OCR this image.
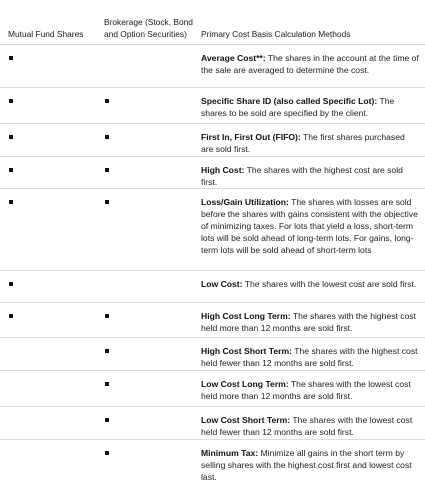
Mutual Fund Shares
Brokerage (Stock, Bond and Option Securities)	Primary Cost Basis Calculation Methods
Average Cost**: The shares in the account at the time of the sale are averaged to determine the cost.
Specific Share ID (also called Specific Lot): The shares to be sold are specified by the client.
First In, First Out (FIFO): The first shares purchased are sold first.
High Cost: The shares with the highest cost are sold first.
Loss/Gain Utilization: The shares with losses are sold before the shares with gains consistent with the objective of minimizing taxes. For lots that yield a loss, short-term lots will be sold ahead of long-term lots. For gains, long-term lots will be sold ahead of short-term lots
Low Cost: The shares with the lowest cost are sold first.
High Cost Long Term: The shares with the highest cost held more than 12 months are sold first.
High Cost Short Term: The shares with the highest cost held fewer than 12 months are sold first.
Low Cost Long Term: The shares with the lowest cost held more than 12 months are sold first.
Low Cost Short Term: The shares with the lowest cost held fewer than 12 months are sold first.
Minimum Tax: Minimize all gains in the short term by selling shares with the highest cost first and lowest cost last.
